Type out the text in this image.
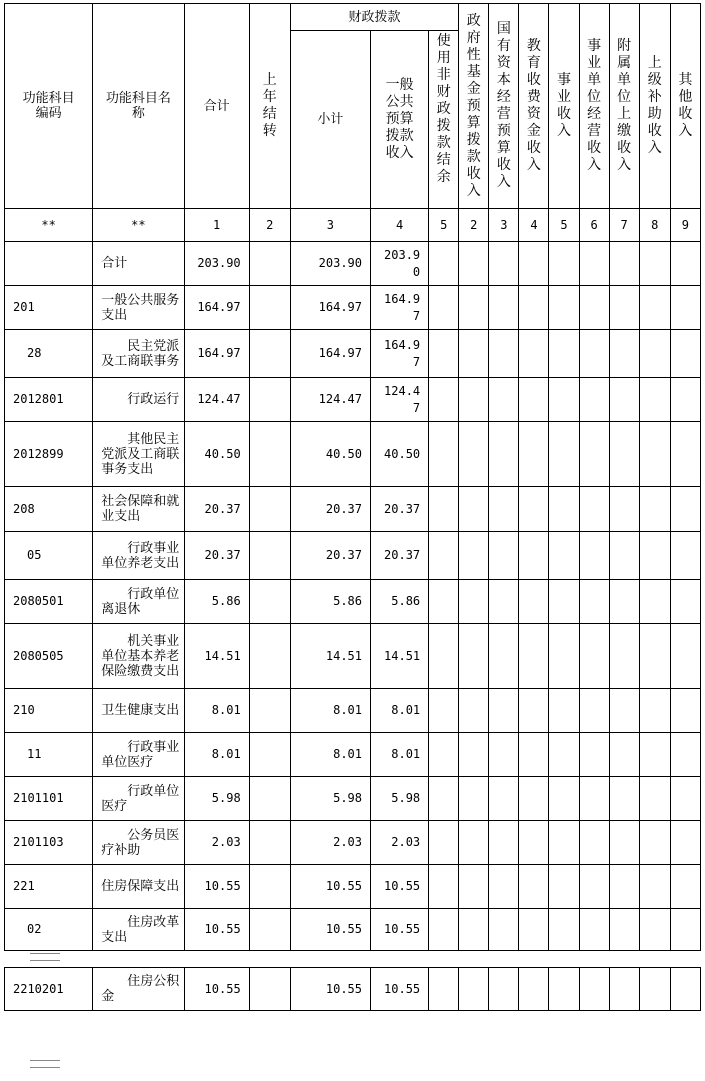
功能科目编码	功能科目名称	合计	上年结转	财政拨款			政府性基金预算拨款收入	国有资本经营预算收入	教育收费资金收入	事业收入	事业单位经营收入	附属单位上缴收入	上级补助收入	其他收入
				小计	一般公共预算拨款收入	使用非财政拨款结余								
**	**	1	2	3	4	5	2	3	4	5	6	7	8	9
	合计	203.90		203.90	203.90									
201	一般公共服务支出	164.97		164.97	164.97									
28	民主党派及工商联事务	164.97		164.97	164.97									
2012801	行政运行	124.47		124.47	124.47									
2012899	其他民主党派及工商联事务支出	40.50		40.50	40.50									
208	社会保障和就业支出	20.37		20.37	20.37									
05	行政事业单位养老支出	20.37		20.37	20.37									
2080501	行政单位离退休	5.86		5.86	5.86									
2080505	机关事业单位基本养老保险缴费支出	14.51		14.51	14.51									
210	卫生健康支出	8.01		8.01	8.01									
11	行政事业单位医疗	8.01		8.01	8.01									
2101101	行政单位医疗	5.98		5.98	5.98									
2101103	公务员医疗补助	2.03		2.03	2.03									
221	住房保障支出	10.55		10.55	10.55									
02	住房改革支出	10.55		10.55	10.55									
2210201	住房公积金	10.55		10.55	10.55									
